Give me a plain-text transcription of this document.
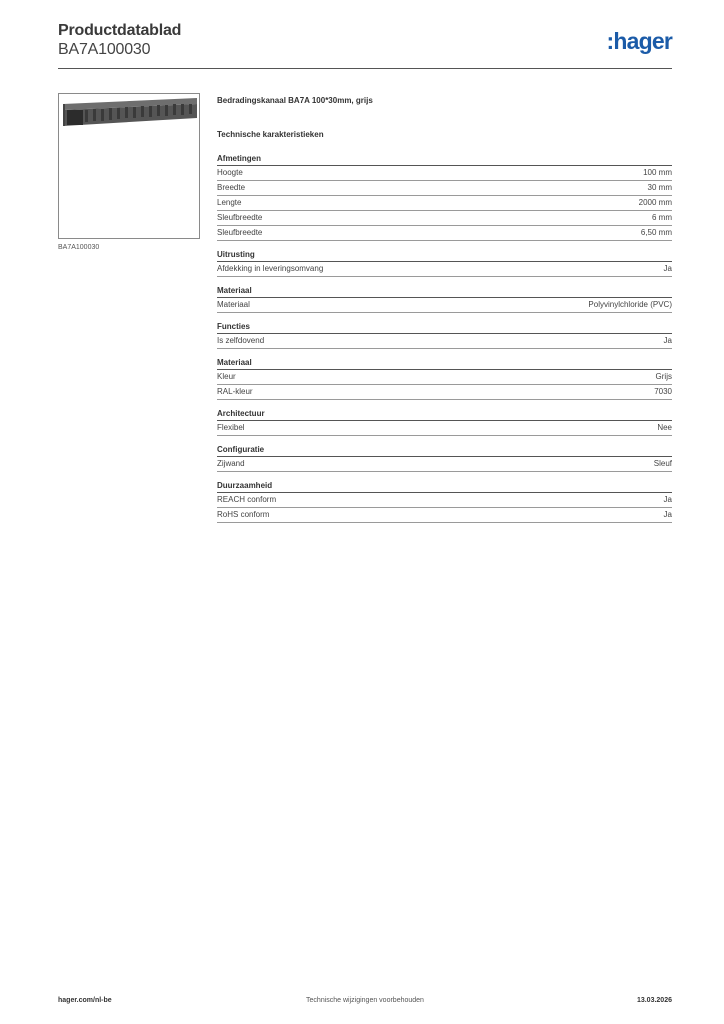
Productdatablad
BA7A100030	:hager
BA7A100030
Bedradingskanaal BA7A 100*30mm, grijs
Technische karakteristieken
Afmetingen
Hoogte	100 mm
Breedte	30 mm
Lengte	2000 mm
Sleufbreedte	6 mm
Sleufbreedte	6,50 mm
Uitrusting
Afdekking in leveringsomvang	Ja
Materiaal
Materiaal	Polyvinylchloride (PVC)
Functies
Is zelfdovend	Ja
Materiaal
Kleur	Grijs
RAL-kleur	7030
Architectuur
Flexibel	Nee
Configuratie
Zijwand	Sleuf
Duurzaamheid
REACH conform	Ja
RoHS conform	Ja
hager.com/nl-be	Technische wijzigingen voorbehouden	13.03.2026
